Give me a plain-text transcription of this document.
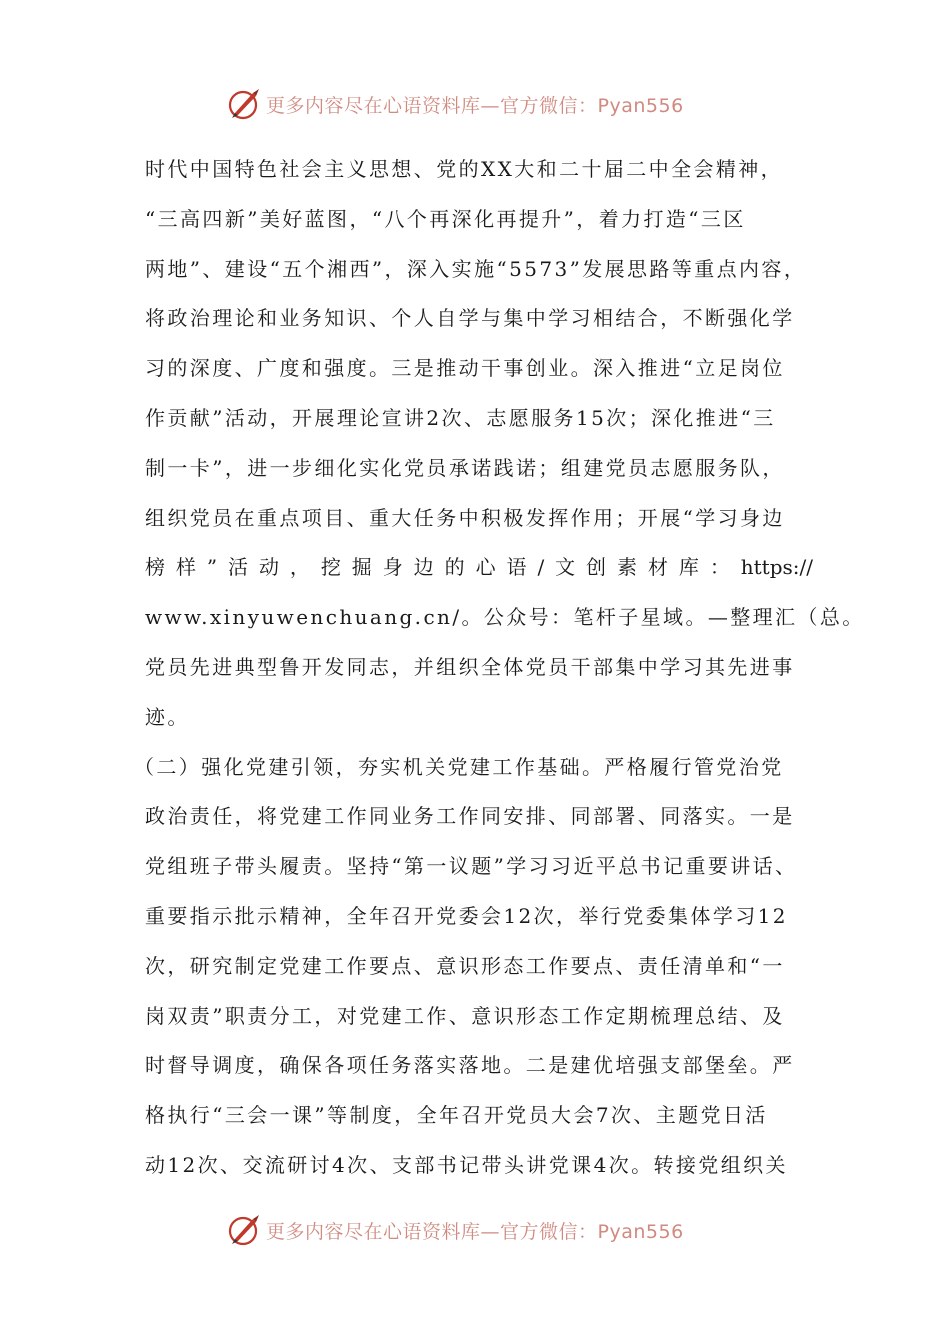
更多内容尽在心语资料库—官方微信：Pyan556
时代中国特色社会主义思想、党的XX大和二十届二中全会精神，
“三高四新”美好蓝图，“八个再深化再提升”，着力打造“三区
两地”、建设“五个湘西”，深入实施“5573”发展思路等重点内容，
将政治理论和业务知识、个人自学与集中学习相结合，不断强化学
习的深度、广度和强度。三是推动干事创业。深入推进“立足岗位
作贡献”活动，开展理论宣讲2次、志愿服务15次；深化推进“三
制一卡”，进一步细化实化党员承诺践诺；组建党员志愿服务队，
组织党员在重点项目、重大任务中积极发挥作用；开展“学习身边
榜样”活动，挖掘身边的心语/文创素材库：https://
www.xinyuwenchuang.cn/。公众号：笔杆子星域。—整理汇（总。
党员先进典型鲁开发同志，并组织全体党员干部集中学习其先进事
迹。
（二）强化党建引领，夯实机关党建工作基础。严格履行管党治党
政治责任，将党建工作同业务工作同安排、同部署、同落实。一是
党组班子带头履责。坚持“第一议题”学习习近平总书记重要讲话、
重要指示批示精神，全年召开党委会12次，举行党委集体学习12
次，研究制定党建工作要点、意识形态工作要点、责任清单和“一
岗双责”职责分工，对党建工作、意识形态工作定期梳理总结、及
时督导调度，确保各项任务落实落地。二是建优培强支部堡垒。严
格执行“三会一课”等制度，全年召开党员大会7次、主题党日活
动12次、交流研讨4次、支部书记带头讲党课4次。转接党组织关
更多内容尽在心语资料库—官方微信：Pyan556
